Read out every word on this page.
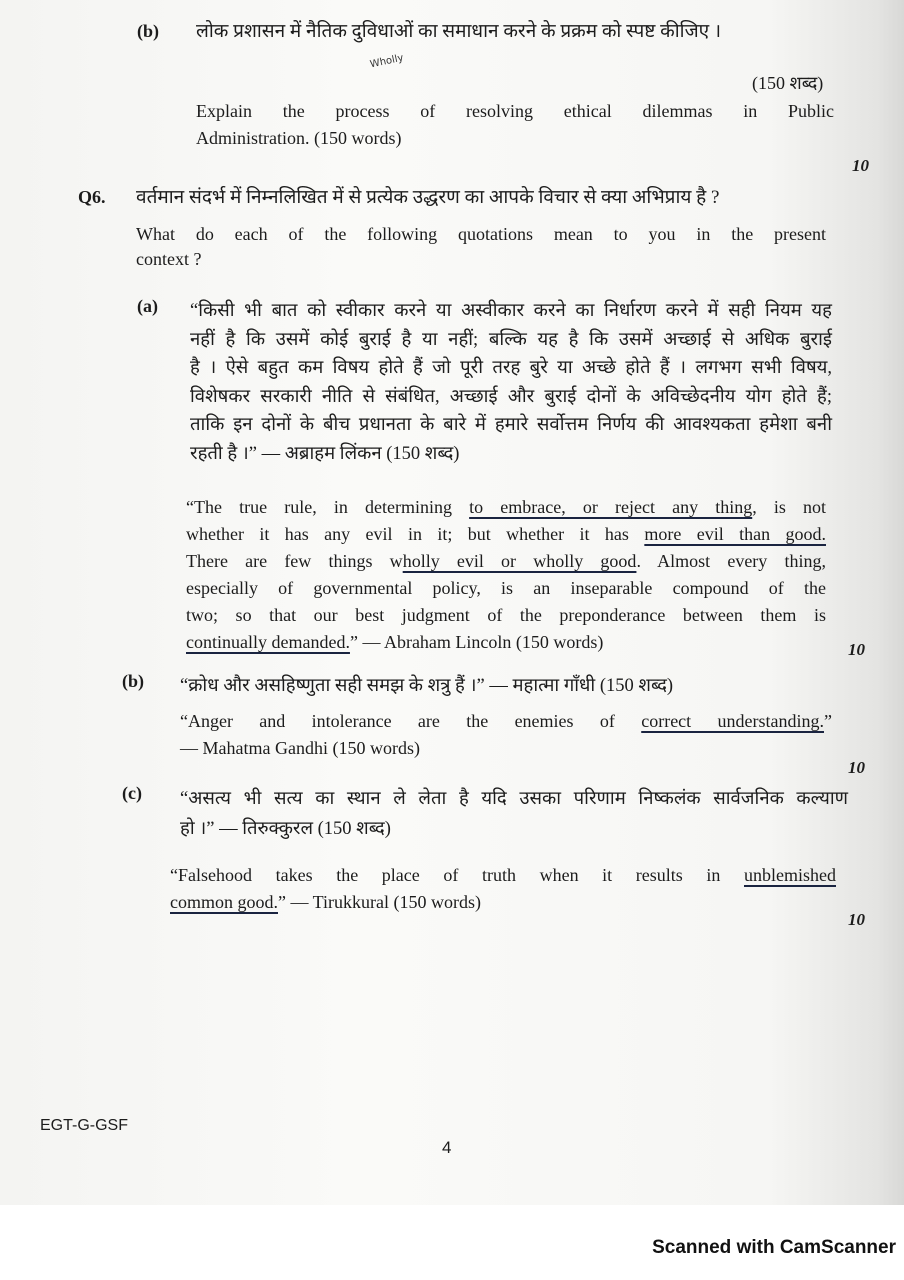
(b) लोक प्रशासन में नैतिक दुविधाओं का समाधान करने के प्रक्रम को स्पष्ट कीजिए ।
Wholly
(150 शब्द)
Explain the process of resolving ethical dilemmas in Public
Administration. (150 words)
10
Q6. वर्तमान संदर्भ में निम्नलिखित में से प्रत्येक उद्धरण का आपके विचार से क्या अभिप्राय है ?
What do each of the following quotations mean to you in the present
context ?
(a) “किसी भी बात को स्वीकार करने या अस्वीकार करने का निर्धारण करने में सही नियम यह
नहीं है कि उसमें कोई बुराई है या नहीं; बल्कि यह है कि उसमें अच्छाई से अधिक बुराई
है । ऐसे बहुत कम विषय होते हैं जो पूरी तरह बुरे या अच्छे होते हैं । लगभग सभी विषय,
विशेषकर सरकारी नीति से संबंधित, अच्छाई और बुराई दोनों के अविच्छेदनीय योग होते हैं;
ताकि इन दोनों के बीच प्रधानता के बारे में हमारे सर्वोत्तम निर्णय की आवश्यकता हमेशा बनी
रहती है ।” — अब्राहम लिंकन (150 शब्द)
“The true rule, in determining to embrace, or reject any thing, is not
whether it has any evil in it; but whether it has more evil than good.
There are few things wholly evil or wholly good. Almost every thing,
especially of governmental policy, is an inseparable compound of the
two; so that our best judgment of the preponderance between them is
continually demanded.” — Abraham Lincoln (150 words)	10
(b) “क्रोध और असहिष्णुता सही समझ के शत्रु हैं ।” — महात्मा गाँधी (150 शब्द)
“Anger and intolerance are the enemies of correct understanding.”
— Mahatma Gandhi (150 words)
10
(c) “असत्य भी सत्य का स्थान ले लेता है यदि उसका परिणाम निष्कलंक सार्वजनिक कल्याण
हो ।” — तिरुक्कुरल (150 शब्द)
“Falsehood takes the place of truth when it results in unblemished
common good.” — Tirukkural (150 words)
10
EGT-G-GSF
4
Scanned with CamScanner
